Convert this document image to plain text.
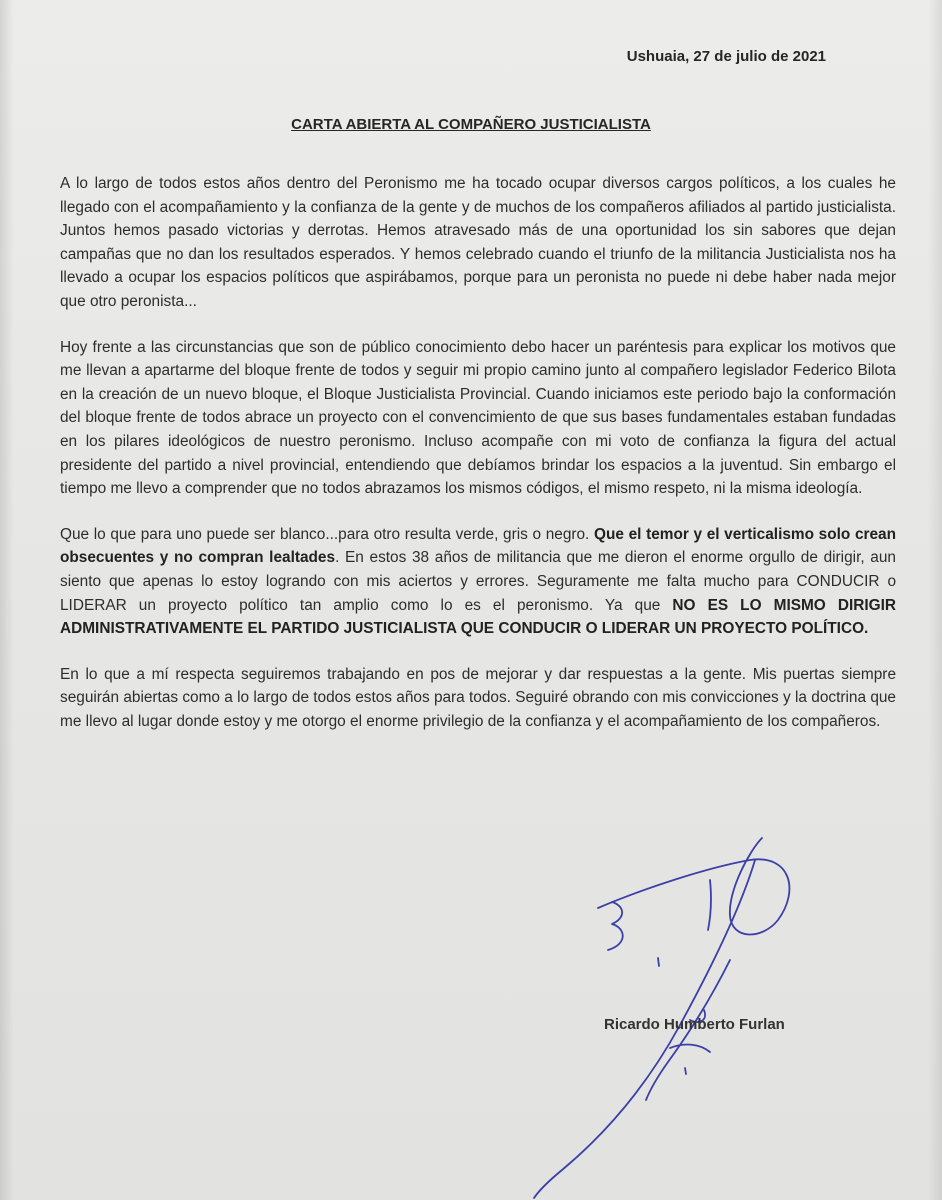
Ushuaia, 27 de julio de 2021
CARTA ABIERTA AL COMPAÑERO JUSTICIALISTA

A lo largo de todos estos años dentro del Peronismo me ha tocado ocupar diversos cargos políticos, a los cuales he llegado con el acompañamiento y la confianza de la gente y de muchos de los compañeros afiliados al partido justicialista. Juntos hemos pasado victorias y derrotas. Hemos atravesado más de una oportunidad los sin sabores que dejan campañas que no dan los resultados esperados. Y hemos celebrado cuando el triunfo de la militancia Justicialista nos ha llevado a ocupar los espacios políticos que aspirábamos, porque para un peronista no puede ni debe haber nada mejor que otro peronista...

Hoy frente a las circunstancias que son de público conocimiento debo hacer un paréntesis para explicar los motivos que me llevan a apartarme del bloque frente de todos y seguir mi propio camino junto al compañero legislador Federico Bilota en la creación de un nuevo bloque, el Bloque Justicialista Provincial. Cuando iniciamos este periodo bajo la conformación del bloque frente de todos abrace un proyecto con el convencimiento de que sus bases fundamentales estaban fundadas en los pilares ideológicos de nuestro peronismo. Incluso acompañe con mi voto de confianza la figura del actual presidente del partido a nivel provincial, entendiendo que debíamos brindar los espacios a la juventud. Sin embargo el tiempo me llevo a comprender que no todos abrazamos los mismos códigos, el mismo respeto, ni la misma ideología.

Que lo que para uno puede ser blanco...para otro resulta verde, gris o negro. Que el temor y el verticalismo solo crean obsecuentes y no compran lealtades. En estos 38 años de militancia que me dieron el enorme orgullo de dirigir, aun siento que apenas lo estoy logrando con mis aciertos y errores. Seguramente me falta mucho para CONDUCIR o LIDERAR un proyecto político tan amplio como lo es el peronismo. Ya que NO ES LO MISMO DIRIGIR ADMINISTRATIVAMENTE EL PARTIDO JUSTICIALISTA QUE CONDUCIR O LIDERAR UN PROYECTO POLÍTICO.

En lo que a mí respecta seguiremos trabajando en pos de mejorar y dar respuestas a la gente. Mis puertas siempre seguirán abiertas como a lo largo de todos estos años para todos. Seguiré obrando con mis convicciones y la doctrina que me llevo al lugar donde estoy y me otorgo el enorme privilegio de la confianza y el acompañamiento de los compañeros.

Ricardo Humberto Furlan
